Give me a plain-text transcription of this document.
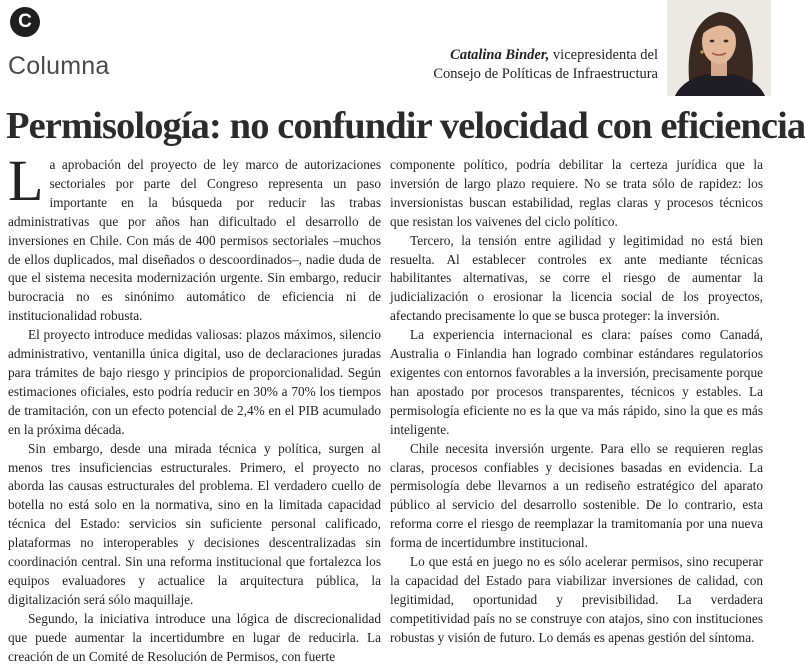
C
Columna	Catalina Binder, vicepresidenta del
Consejo de Políticas de Infraestructura
Permisología: no confundir velocidad con eficiencia

La aprobación del proyecto de ley marco de autorizaciones sectoriales por parte del Congreso representa un paso importante en la búsqueda por reducir las trabas administrativas que por años han dificultado el desarrollo de inversiones en Chile. Con más de 400 permisos sectoriales –muchos de ellos duplicados, mal diseñados o descoordinados–, nadie duda de que el sistema necesita modernización urgente. Sin embargo, reducir burocracia no es sinónimo automático de eficiencia ni de institucionalidad robusta.

El proyecto introduce medidas valiosas: plazos máximos, silencio administrativo, ventanilla única digital, uso de declaraciones juradas para trámites de bajo riesgo y principios de proporcionalidad. Según estimaciones oficiales, esto podría reducir en 30% a 70% los tiempos de tramitación, con un efecto potencial de 2,4% en el PIB acumulado en la próxima década.

Sin embargo, desde una mirada técnica y política, surgen al menos tres insuficiencias estructurales. Primero, el proyecto no aborda las causas estructurales del problema. El verdadero cuello de botella no está solo en la normativa, sino en la limitada capacidad técnica del Estado: servicios sin suficiente personal calificado, plataformas no interoperables y decisiones descentralizadas sin coordinación central. Sin una reforma institucional que fortalezca los equipos evaluadores y actualice la arquitectura pública, la digitalización será sólo maquillaje.

Segundo, la iniciativa introduce una lógica de discrecionalidad que puede aumentar la incertidumbre en lugar de reducirla. La creación de un Comité de Resolución de Permisos, con fuerte

componente político, podría debilitar la certeza jurídica que la inversión de largo plazo requiere. No se trata sólo de rapidez: los inversionistas buscan estabilidad, reglas claras y procesos técnicos que resistan los vaivenes del ciclo político.

Tercero, la tensión entre agilidad y legitimidad no está bien resuelta. Al establecer controles ex ante mediante técnicas habilitantes alternativas, se corre el riesgo de aumentar la judicialización o erosionar la licencia social de los proyectos, afectando precisamente lo que se busca proteger: la inversión.

La experiencia internacional es clara: países como Canadá, Australia o Finlandia han logrado combinar estándares regulatorios exigentes con entornos favorables a la inversión, precisamente porque han apostado por procesos transparentes, técnicos y estables. La permisología eficiente no es la que va más rápido, sino la que es más inteligente.

Chile necesita inversión urgente. Para ello se requieren reglas claras, procesos confiables y decisiones basadas en evidencia. La permisología debe llevarnos a un rediseño estratégico del aparato público al servicio del desarrollo sostenible. De lo contrario, esta reforma corre el riesgo de reemplazar la tramitomanía por una nueva forma de incertidumbre institucional.

Lo que está en juego no es sólo acelerar permisos, sino recuperar la capacidad del Estado para viabilizar inversiones de calidad, con legitimidad, oportunidad y previsibilidad. La verdadera competitividad país no se construye con atajos, sino con instituciones robustas y visión de futuro. Lo demás es apenas gestión del síntoma.
